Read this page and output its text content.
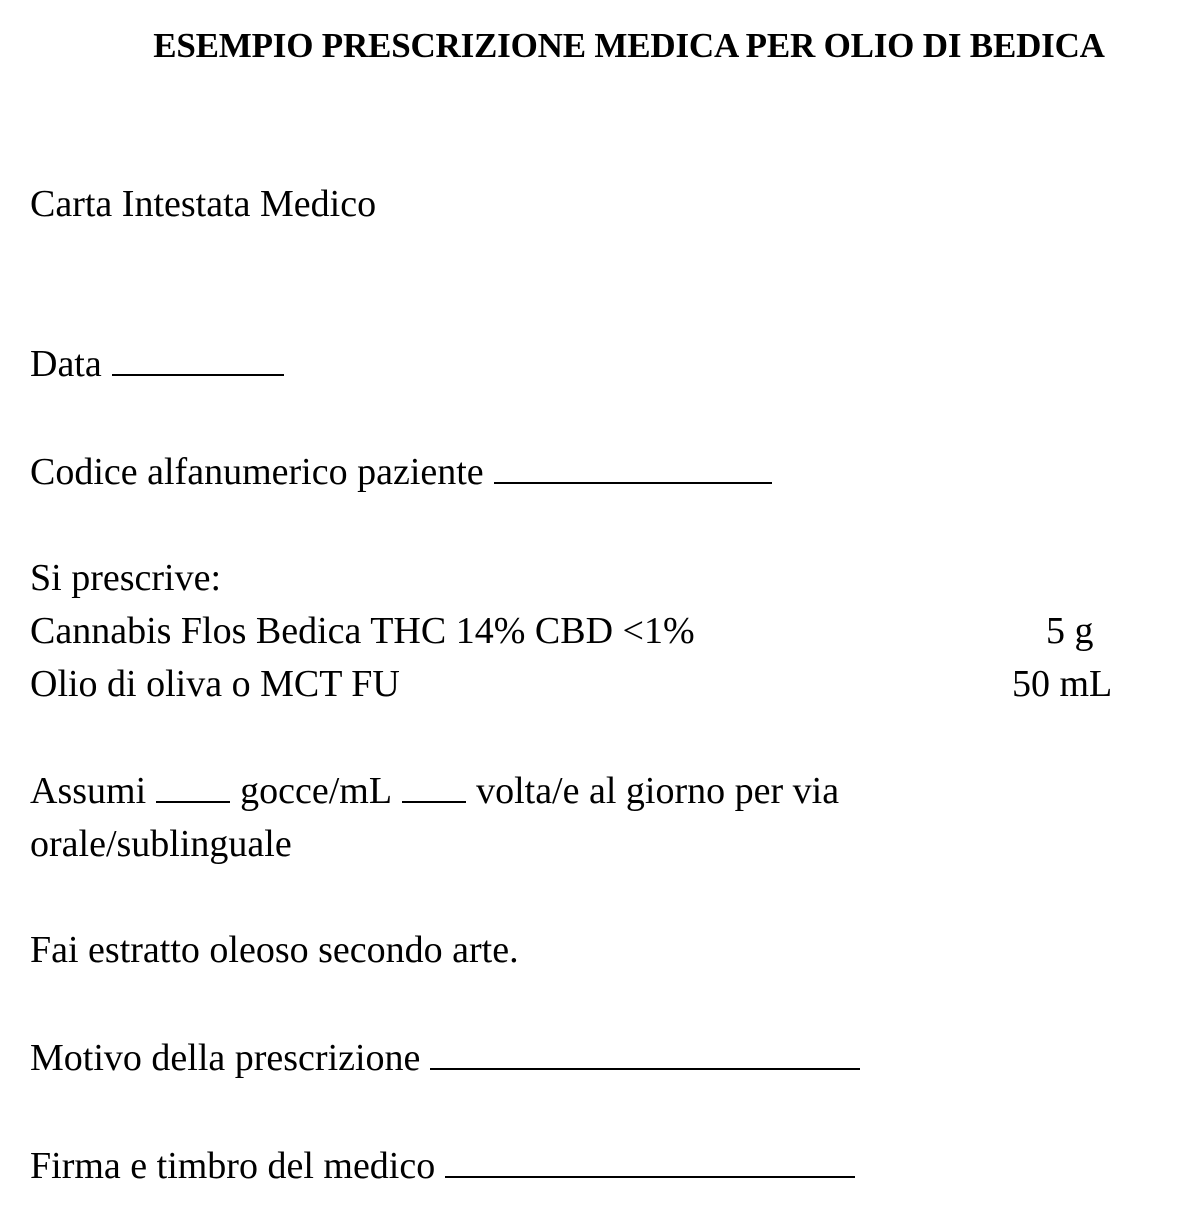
ESEMPIO PRESCRIZIONE MEDICA PER OLIO DI BEDICA
Carta Intestata Medico
Data
Codice alfanumerico paziente
Si prescrive:
Cannabis Flos Bedica THC 14% CBD <1%	5 g
Olio di oliva o MCT FU	50 mL
Assumi gocce/mL volta/e al giorno per via
orale/sublinguale
Fai estratto oleoso secondo arte.
Motivo della prescrizione
Firma e timbro del medico
